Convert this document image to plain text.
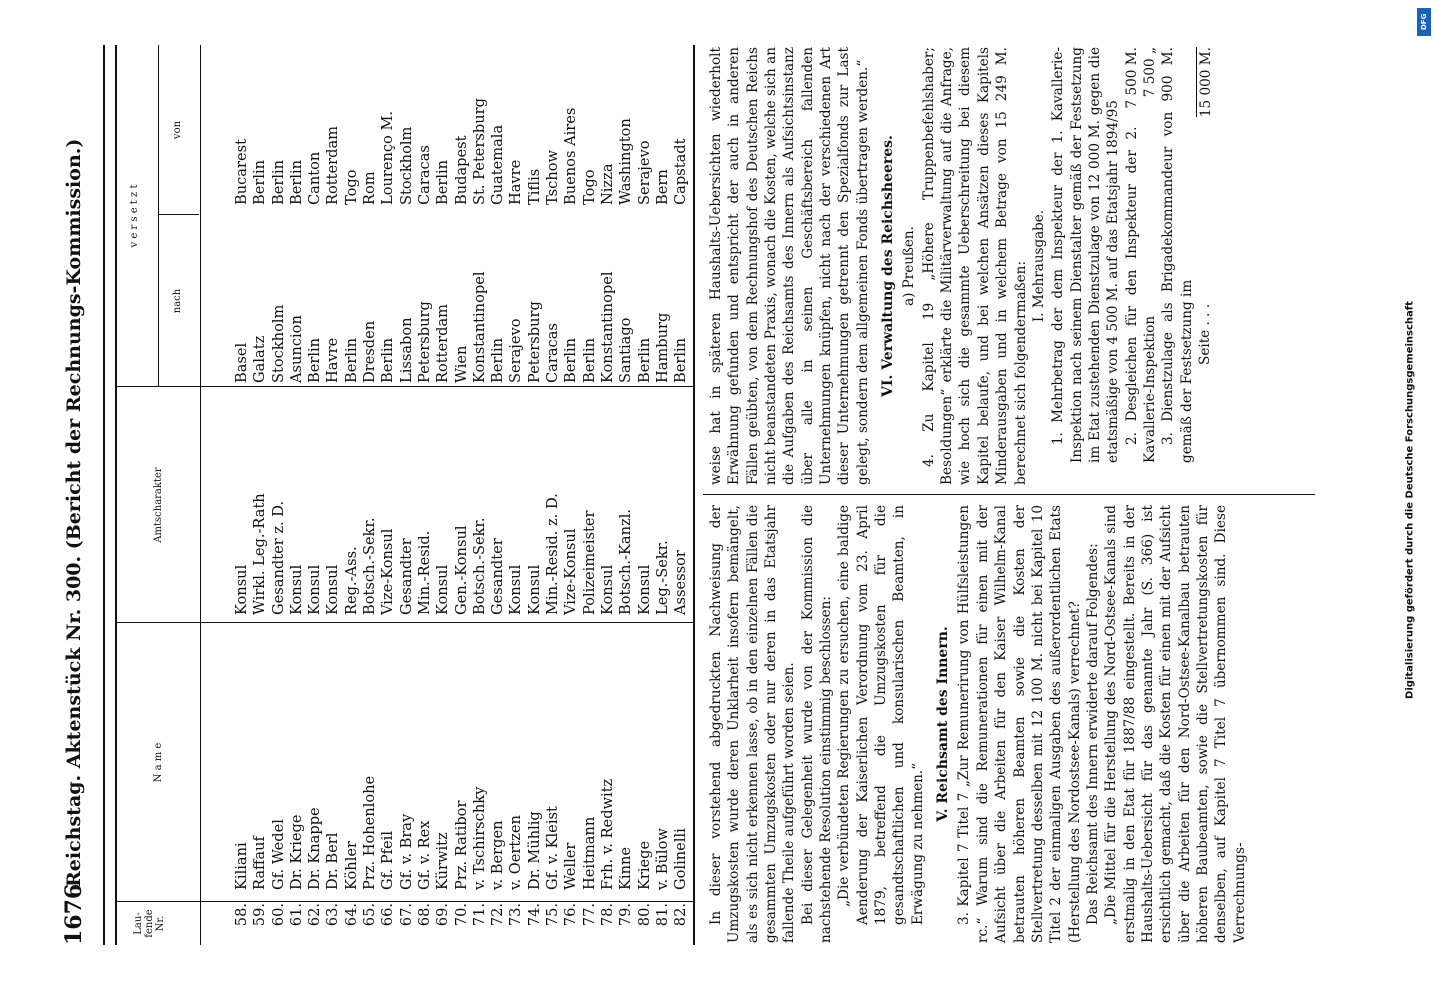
1676
Reichstag. Aktenstück Nr. 300. (Bericht der Rechnungs-Kommission.)
Lau-fende Nr.
N a m e
Amtscharakter
v e r s e t z t
nach
von
58. 59. 60. 61. 62. 63. 64. 65. 66. 67. 68. 69. 70. 71. 72. 73. 74. 75. 76. 77. 78. 79. 80. 81. 82.
Kiliani Raffauf Gf. Wedel Dr. Kriege Dr. Knappe Dr. Berl Köhler Prz. Hohenlohe Gf. Pfeil Gf. v. Bray Gf. v. Rex Kürwitz Prz. Ratibor v. Tschirschky v. Bergen v. Oertzen Dr. Mühlig Gf. v. Kleist Weller Heitmann Frh. v. Redwitz Kinne Kriege v. Bülow Golinelli
Konsul Wirkl. Leg.-Rath Gesandter z. D. Konsul Konsul Konsul Reg.-Ass. Botsch.-Sekr. Vize-Konsul Gesandter Min.-Resid. Konsul Gen.-Konsul Botsch.-Sekr. Gesandter Konsul Konsul Min.-Resid. z. D. Vize-Konsul Polizeimeister Konsul Botsch.-Kanzl. Konsul Leg.-Sekr. Assessor
Basel Galatz Stockholm Asuncion Berlin Havre Berlin Dresden Berlin Lissabon Petersburg Rotterdam Wien Konstantinopel Berlin Serajevo Petersburg Caracas Berlin Berlin Konstantinopel Santiago Berlin Hamburg Berlin
Bucarest Berlin Berlin Berlin Canton Rotterdam Togo Rom Lourenço M. Stockholm Caracas Berlin Budapest St. Petersburg Guatemala Havre Tiflis Tschow Buenos Aires Togo Nizza Washington Serajevo Bern Capstadt

In dieser vorstehend abgedruckten Nachweisung der Umzugskosten wurde deren Unklarheit insofern bemängelt, als es sich nicht erkennen lasse, ob in den einzelnen Fällen die gesammten Umzugskosten oder nur deren in das Etatsjahr fallende Theile aufgeführt worden seien. Bei dieser Gelegenheit wurde von der Kommission die nachstehende Resolution einstimmig beschlossen: „Die verbündeten Regierungen zu ersuchen, eine baldige Aenderung der Kaiserlichen Verordnung vom 23. April 1879, betreffend die Umzugskosten für die gesandtschaftlichen und konsularischen Beamten, in Erwägung zu nehmen.“

V. Reichsamt des Innern. 3. Kapitel 7 Titel 7 „Zur Remunerirung von Hülfsleistungen rc.“ Warum sind die Remunerationen für einen mit der Aufsicht über die Arbeiten für den Kaiser Wilhelm-Kanal betrauten höheren Beamten sowie die Kosten der Stellvertretung desselben mit 12 100 M. nicht bei Kapitel 10 Titel 2 der einmaligen Ausgaben des außerordentlichen Etats (Herstellung des Nordostsee-Kanals) verrechnet? Das Reichsamt des Innern erwiderte darauf Folgendes: „Die Mittel für die Herstellung des Nord-Ostsee-Kanals sind erstmalig in den Etat für 1887/88 eingestellt. Bereits in der Haushalts-Uebersicht für das genannte Jahr (S. 366) ist ersichtlich gemacht, daß die Kosten für einen mit der Aufsicht über die Arbeiten für den Nord-Ostsee-Kanalbau betrauten höheren Baubeamten, sowie die Stellvertretungskosten für denselben, auf Kapitel 7 Titel 7 übernommen sind. Diese Verrechnungs-

weise hat in späteren Haushalts-Uebersichten wiederholt Erwähnung gefunden und entspricht der auch in anderen Fällen geübten, von dem Rechnungshof des Deutschen Reichs nicht beanstandeten Praxis, wonach die Kosten, welche sich an die Aufgaben des Reichsamts des Innern als Aufsichtsinstanz über alle in seinen Geschäftsbereich fallenden Unternehmungen knüpfen, nicht nach der verschiedenen Art dieser Unternehmungen getrennt den Spezialfonds zur Last gelegt, sondern dem allgemeinen Fonds übertragen werden.“ VI. Verwaltung des Reichsheeres. a) Preußen. 4. Zu Kapitel 19 „Höhere Truppenbefehlshaber; Besoldungen“ erklärte die Militärverwaltung auf die Anfrage, wie hoch sich die gesammte Ueberschreitung bei diesem Kapitel belaufe, und bei welchen Ansätzen dieses Kapitels Minderausgaben und in welchem Betrage von 15 249 M. berechnet sich folgendermaßen: I. Mehrausgabe. 1. Mehrbetrag der dem Inspekteur der 1. Kavallerie-Inspektion nach seinem Dienstalter gemäß der Festsetzung im Etat zustehenden Dienstzulage von 12 000 M. gegen die etatsmäßige von 4 500 M. auf das Etatsjahr 1894/95
7 500 M.

2. Desgleichen für den Inspekteur der 2. Kavallerie-Inspektion
7 500 „ 3. Dienstzulage als Brigadekommandeur von 900 M. gemäß der Festsetzung im Seite . . .
15 000 M.
Digitalisierung gefördert durch die Deutsche Forschungsgemeinschaft
DFG
